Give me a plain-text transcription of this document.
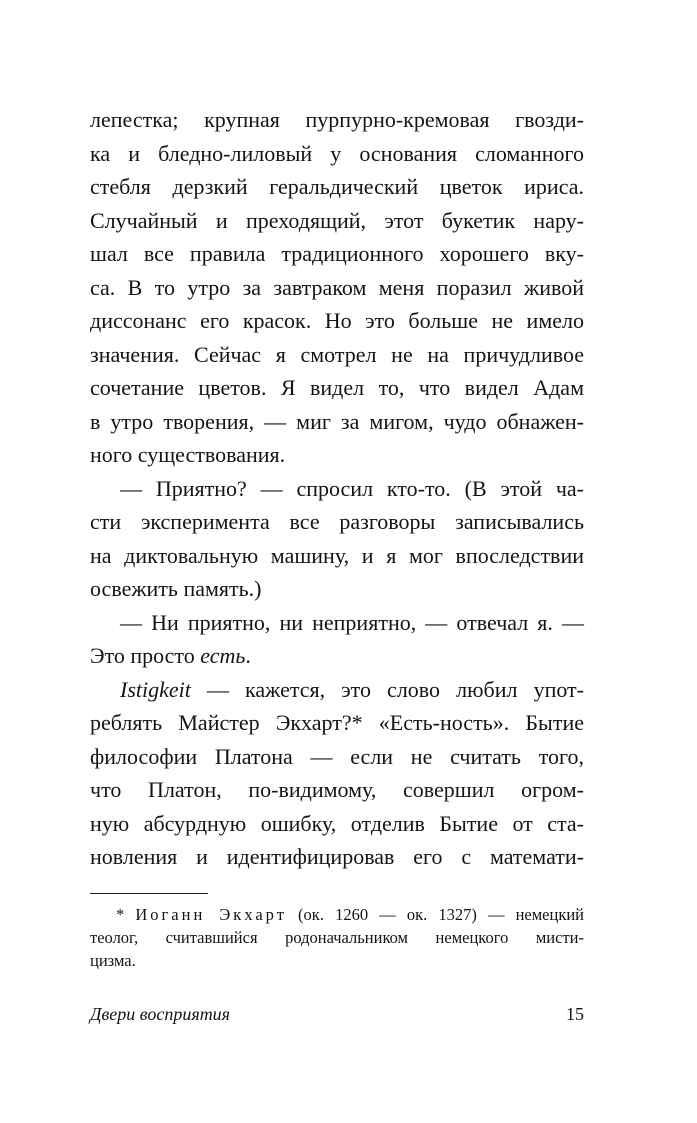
лепестка; крупная пурпурно-кремовая гвозди-
ка и бледно-лиловый у основания сломанного
стебля дерзкий геральдический цветок ириса.
Случайный и преходящий, этот букетик нару-
шал все правила традиционного хорошего вку-
са. В то утро за завтраком меня поразил живой
диссонанс его красок. Но это больше не имело
значения. Сейчас я смотрел не на причудливое
сочетание цветов. Я видел то, что видел Адам
в утро творения, — миг за мигом, чудо обнажен-
ного существования.
— Приятно? — спросил кто-то. (В этой ча-
сти эксперимента все разговоры записывались
на диктовальную машину, и я мог впоследствии
освежить память.)
— Ни приятно, ни неприятно, — отвечал я. —
Это просто есть.
Istigkeit — кажется, это слово любил упот-
реблять Майстер Экхарт?* «Есть-ность». Бытие
философии Платона — если не считать того,
что Платон, по-видимому, совершил огром-
ную абсурдную ошибку, отделив Бытие от ста-
новления и идентифицировав его с математи-
* Иоганн Экхарт (ок. 1260 — ок. 1327) — немецкий
теолог, считавшийся родоначальником немецкого мисти-
цизма.
Двери восприятия	15
